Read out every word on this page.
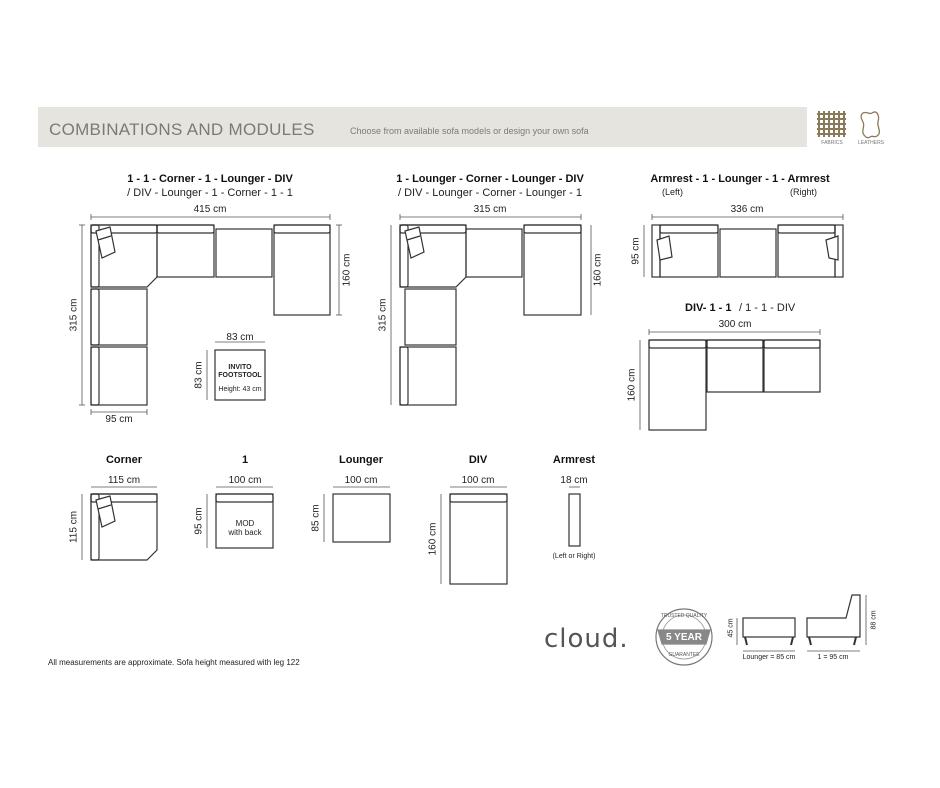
COMBINATIONS AND MODULES	Choose from available sofa models or design your own sofa
FABRICS	LEATHERS
1 - 1 - Corner - 1 - Lounger - DIV
/ DIV - Lounger - 1 - Corner - 1 - 1
415 cm
315 cm
160 cm
95 cm
83 cm
83 cm	INVITO
FOOTSTOOL
Height: 43 cm
1 - Lounger - Corner - Lounger - DIV
/ DIV - Lounger - Corner - Lounger - 1
315 cm
315 cm
160 cm
Armrest - 1 - Lounger - 1 - Armrest
(Left)	(Right)
336 cm
95 cm
DIV- 1 - 1 / 1 - 1 - DIV
300 cm
160 cm
Corner
115 cm
115 cm
1
100 cm
95 cm	MOD
with back
Lounger
100 cm
85 cm
DIV
100 cm
160 cm
Armrest
18 cm
(Left or Right)
cloud.
TRUSTED QUALITY
5 YEAR
GUARANTEE
45 cm
Lounger = 85 cm
88 cm
1 = 95 cm
All measurements are approximate. Sofa height measured with leg 122
